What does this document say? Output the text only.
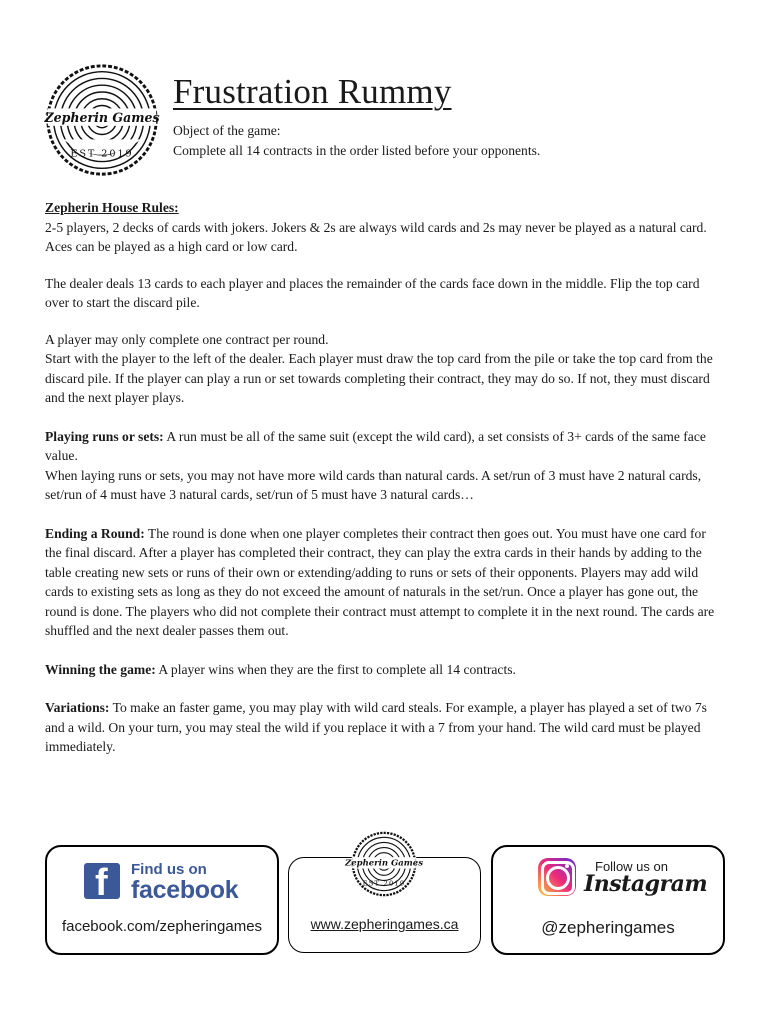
Zepherin Games
EST 2019
Frustration Rummy
Object of the game:
Complete all 14 contracts in the order listed before your opponents.

Zepherin House Rules:

2-5 players, 2 decks of cards with jokers. Jokers & 2s are always wild cards and 2s may never be played as a natural card. Aces can be played as a high card or low card.

The dealer deals 13 cards to each player and places the remainder of the cards face down in the middle. Flip the top card over to start the discard pile.

A player may only complete one contract per round.

Start with the player to the left of the dealer. Each player must draw the top card from the pile or take the top card from the discard pile. If the player can play a run or set towards completing their contract, they may do so. If not, they must discard and the next player plays.

Playing runs or sets: A run must be all of the same suit (except the wild card), a set consists of 3+ cards of the same face value.

When laying runs or sets, you may not have more wild cards than natural cards. A set/run of 3 must have 2 natural cards, set/run of 4 must have 3 natural cards, set/run of 5 must have 3 natural cards…

Ending a Round: The round is done when one player completes their contract then goes out. You must have one card for the final discard. After a player has completed their contract, they can play the extra cards in their hands by adding to the table creating new sets or runs of their own or extending/adding to runs or sets of their opponents. Players may add wild cards to existing sets as long as they do not exceed the amount of naturals in the set/run. Once a player has gone out, the round is done. The players who did not complete their contract must attempt to complete it in the next round. The cards are shuffled and the next dealer passes them out.

Winning the game: A player wins when they are the first to complete all 14 contracts.

Variations: To make an faster game, you may play with wild card steals. For example, a player has played a set of two 7s and a wild. On your turn, you may steal the wild if you replace it with a 7 from your hand. The wild card must be played immediately.

f Find us on
facebook
facebook.com/zepheringames
Zepherin Games
EST 2019
www.zepheringames.ca
Follow us on
Instagram
@zepheringames
